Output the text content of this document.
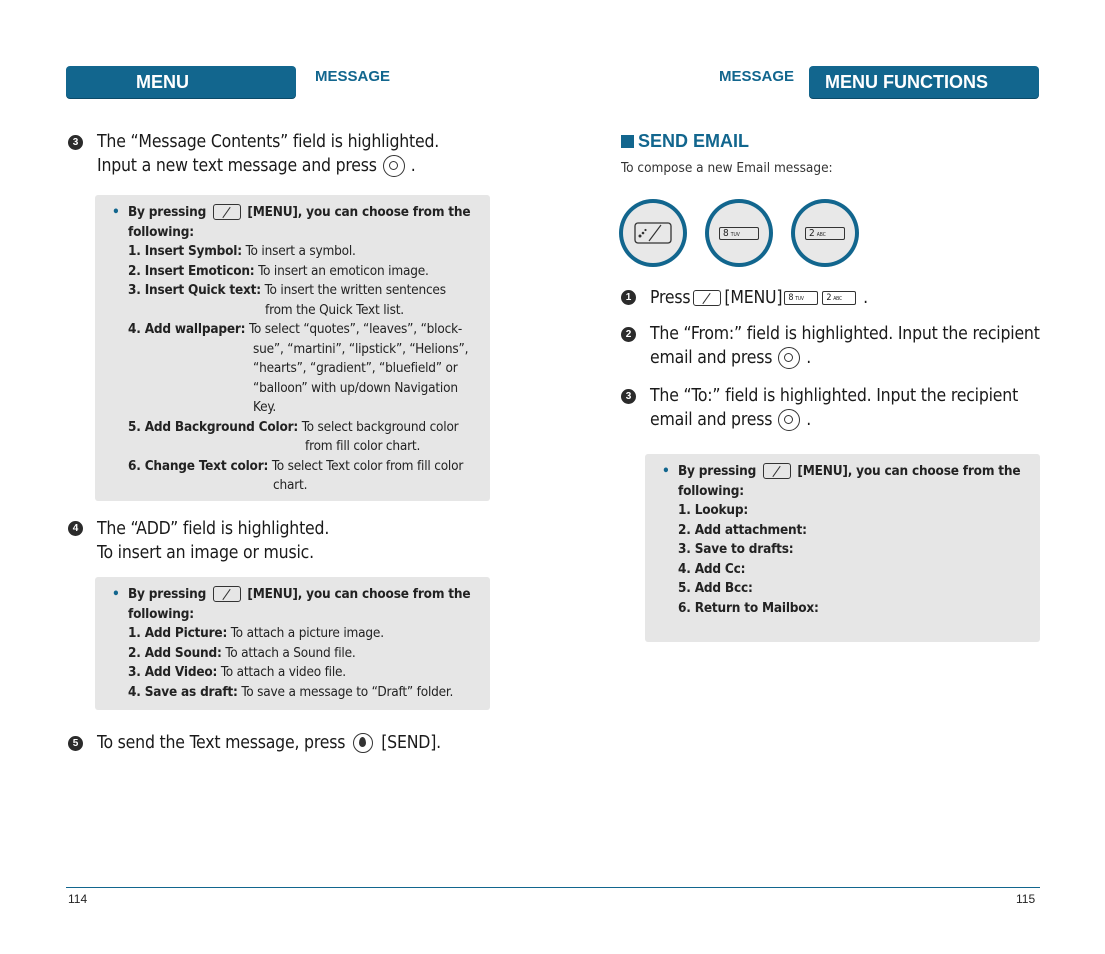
MENU FUNCTIONS
MESSAGE
3 The “Message Contents” field is highlighted.
Input a new text message and press .
• By pressing	[MENU], you can choose from the
following:
1. Insert Symbol: To insert a symbol.
2. Insert Emoticon: To insert an emoticon image.
3. Insert Quick text: To insert the written sentences
from the Quick Text list.
4. Add wallpaper: To select “quotes”, “leaves”, “block-
sue”, “martini”, “lipstick”, “Helions”,
“hearts”, “gradient”, “bluefield” or
“balloon” with up/down Navigation
Key.
5. Add Background Color: To select background color
from fill color chart.
6. Change Text color: To select Text color from fill color
chart.
4 The “ADD” field is highlighted.
To insert an image or music.
• By pressing	[MENU], you can choose from the
following:
1. Add Picture: To attach a picture image.
2. Add Sound: To attach a Sound file.
3. Add Video: To attach a video file.
4. Save as draft: To save a message to “Draft” folder.
5 To send the Text message, press [SEND].
114
MESSAGE	MENU FUNCTIONS
SEND EMAIL
To compose a new Email message:
8 TUV	2 ABC
1 Press [MENU] 8 TUV	2 ABC .
2 The “From:” field is highlighted. Input the recipient
email and press .
3 The “To:” field is highlighted. Input the recipient
email and press .
• By pressing	[MENU], you can choose from the
following:
1. Lookup:
2. Add attachment:
3. Save to drafts:
4. Add Cc:
5. Add Bcc:
6. Return to Mailbox:
115
